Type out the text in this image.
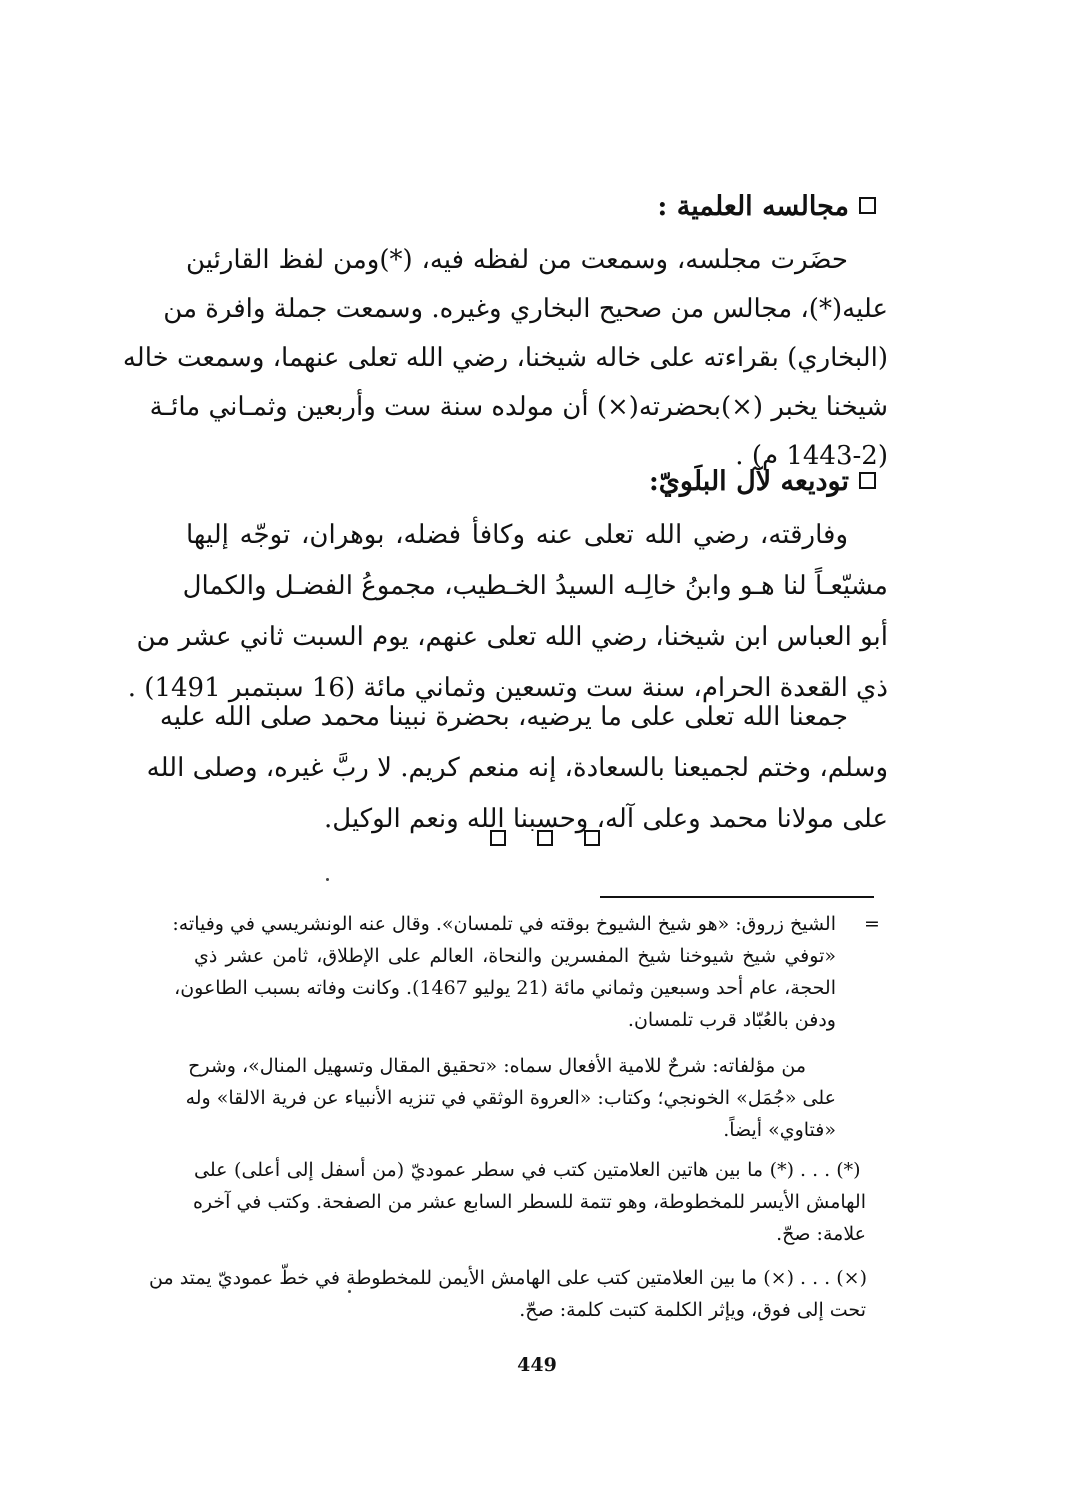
مجالسه العلمية :
حضَرت مجلسه، وسمعت من لفظه فيه، (*)ومن لفظ القارئين
عليه(*)، مجالس من صحيح البخاري وغيره. وسمعت جملة وافرة من
(البخاري) بقراءته على خاله شيخنا، رضي الله تعلى عنهما، وسمعت خاله
شيخنا يخبر (×)بحضرته(×) أن مولده سنة ست وأربعين وثمـاني مائـة
(1443-2 م) .
توديعه لآل البلَويّ:
وفارقته، رضي الله تعلى عنه وكافأ فضله، بوهران، توجّه إليها
مشيّعـاً لنا هـو وابنُ خالِـه السيدُ الخـطيب، مجموعُ الفضـل والكمال
أبو العباس ابن شيخنا، رضي الله تعلى عنهم، يوم السبت ثاني عشر من
ذي القعدة الحرام، سنة ست وتسعين وثماني مائة (16 سبتمبر 1491) .
جمعنا الله تعلى على ما يرضيه، بحضرة نبينا محمد صلى الله عليه
وسلم، وختم لجميعنا بالسعادة، إنه منعم كريم. لا ربَّ غيره، وصلى الله
على مولانا محمد وعلى آله، وحسبنا الله ونعم الوكيل.
=
الشيخ زروق: «هو شيخ الشيوخ بوقته في تلمسان». وقال عنه الونشريسي في وفياته:
«توفي شيخ شيوخنا شيخ المفسرين والنحاة، العالم على الإطلاق، ثامن عشر ذي
الحجة، عام أحد وسبعين وثماني مائة (21 يوليو 1467). وكانت وفاته بسبب الطاعون،
ودفن بالعُبّاد قرب تلمسان.
من مؤلفاته: شرحٌ للامية الأفعال سماه: «تحقيق المقال وتسهيل المنال»، وشرح
على «جُمَل» الخونجي؛ وكتاب: «العروة الوثقي في تنزيه الأنبياء عن فرية الالقا» وله
«فتاوي» أيضاً.
(*) . . .
(*) ما بين هاتين العلامتين كتب في سطر عموديّ (من أسفل إلى أعلى) على
الهامش الأيسر للمخطوطة، وهو تتمة للسطر السابع عشر من الصفحة. وكتب في آخره
علامة: صحّ.
(×) . . .
(×) ما بين العلامتين كتب على الهامش الأيمن للمخطوطة في خطّ عموديّ يمتد من
تحت إلى فوق، ويإثر الكلمة كتبت كلمة: صحّ.
449
